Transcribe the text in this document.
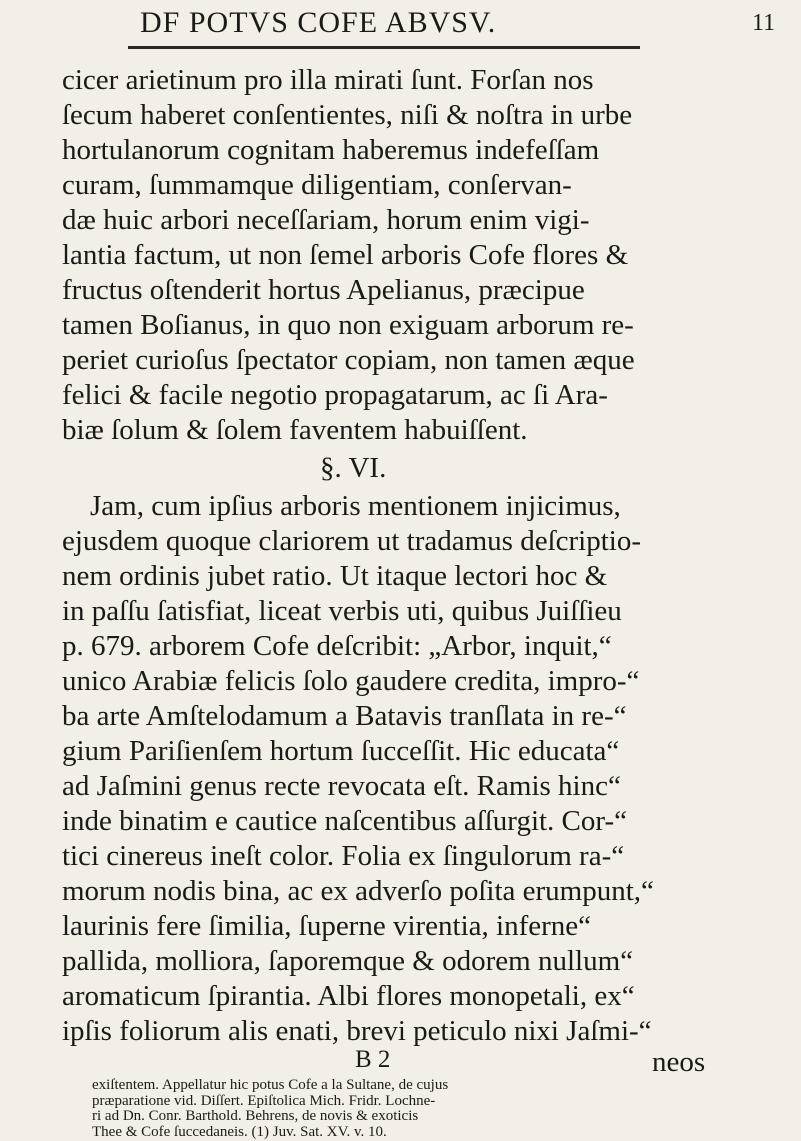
DF POTVS COFE ABVSV.	11
cicer arietinum pro illa mirati ſunt. Forſan nos
ſecum haberet conſentientes, niſi & noſtra in urbe
hortulanorum cognitam haberemus indefeſſam
curam, ſummamque diligentiam, conſervan-
dæ huic arbori neceſſariam, horum enim vigi-
lantia factum, ut non ſemel arboris Cofe flores &
fructus oſtenderit hortus Apelianus, præcipue
tamen Boſianus, in quo non exiguam arborum re-
periet curioſus ſpectator copiam, non tamen æque
felici & facile negotio propagatarum, ac ſi Ara-
biæ ſolum & ſolem faventem habuiſſent.
§. VI.
Jam, cum ipſius arboris mentionem injicimus,
ejusdem quoque clariorem ut tradamus deſcriptio-
nem ordinis jubet ratio. Ut itaque lectori hoc &
in paſſu ſatisfiat, liceat verbis uti, quibus Juiſſieu
p. 679. arborem Cofe deſcribit: „Arbor, inquit,“
unico Arabiæ felicis ſolo gaudere credita, impro-“
ba arte Amſtelodamum a Batavis tranſlata in re-“
gium Pariſienſem hortum ſucceſſit. Hic educata“
ad Jaſmini genus recte revocata eſt. Ramis hinc“
inde binatim e cautice naſcentibus aſſurgit. Cor-“
tici cinereus ineſt color. Folia ex ſingulorum ra-“
morum nodis bina, ac ex adverſo poſita erumpunt,“
laurinis fere ſimilia, ſuperne virentia, inferne“
pallida, molliora, ſaporemque & odorem nullum“
aromaticum ſpirantia. Albi flores monopetali, ex“
ipſis foliorum alis enati, brevi peticulo nixi Jaſmi-“
B 2	neos
exiſtentem. Appellatur hic potus Cofe a la Sultane, de cujus
præparatione vid. Diſſert. Epiſtolica Mich. Fridr. Lochne-
ri ad Dn. Conr. Barthold. Behrens, de novis & exoticis
Thee & Cofe ſuccedaneis. (1) Juv. Sat. XV. v. 10.
